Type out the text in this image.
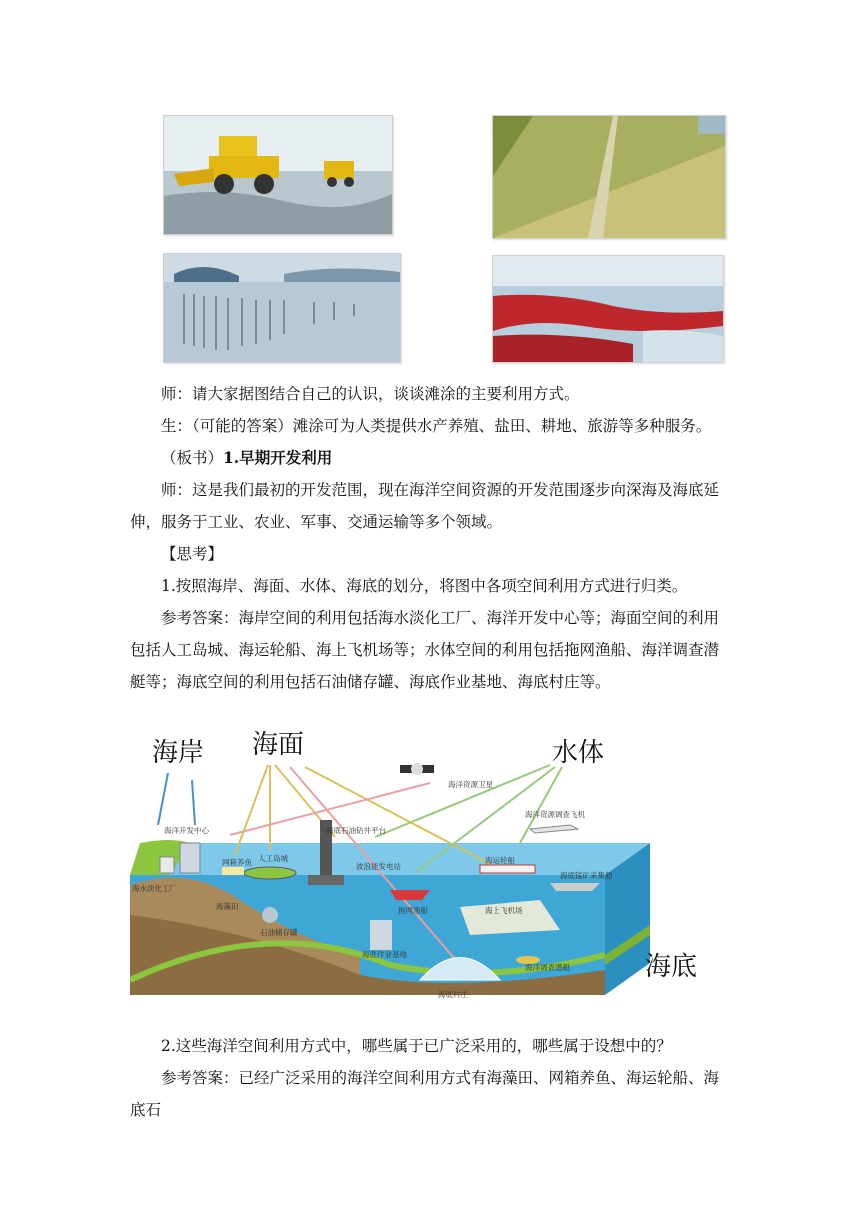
师：请大家据图结合自己的认识，谈谈滩涂的主要利用方式。

生：（可能的答案）滩涂可为人类提供水产养殖、盐田、耕地、旅游等多种服务。

（板书）1.早期开发利用

师：这是我们最初的开发范围，现在海洋空间资源的开发范围逐步向深海及海底延伸，服务于工业、农业、军事、交通运输等多个领域。

【思考】

1.按照海岸、海面、水体、海底的划分，将图中各项空间利用方式进行归类。

参考答案：海岸空间的利用包括海水淡化工厂、海洋开发中心等；海面空间的利用包括人工岛城、海运轮船、海上飞机场等；水体空间的利用包括拖网渔船、海洋调查潜艇等；海底空间的利用包括石油储存罐、海底作业基地、海底村庄等。

海岸 海面	水体
海底
海洋资源卫星
海洋资源调查飞机
海洋开发中心	海底石油钻井平台
网箱养鱼 人工岛城
波浪能发电站
海运轮船
海底锰矿采集船
海水淡化工厂
海藻田	拖网渔船	海上飞机场
石油储存罐
海底作业基地
海洋调查潜艇
海底村庄

2.这些海洋空间利用方式中，哪些属于已广泛采用的，哪些属于设想中的？

参考答案：已经广泛采用的海洋空间利用方式有海藻田、网箱养鱼、海运轮船、海底石
